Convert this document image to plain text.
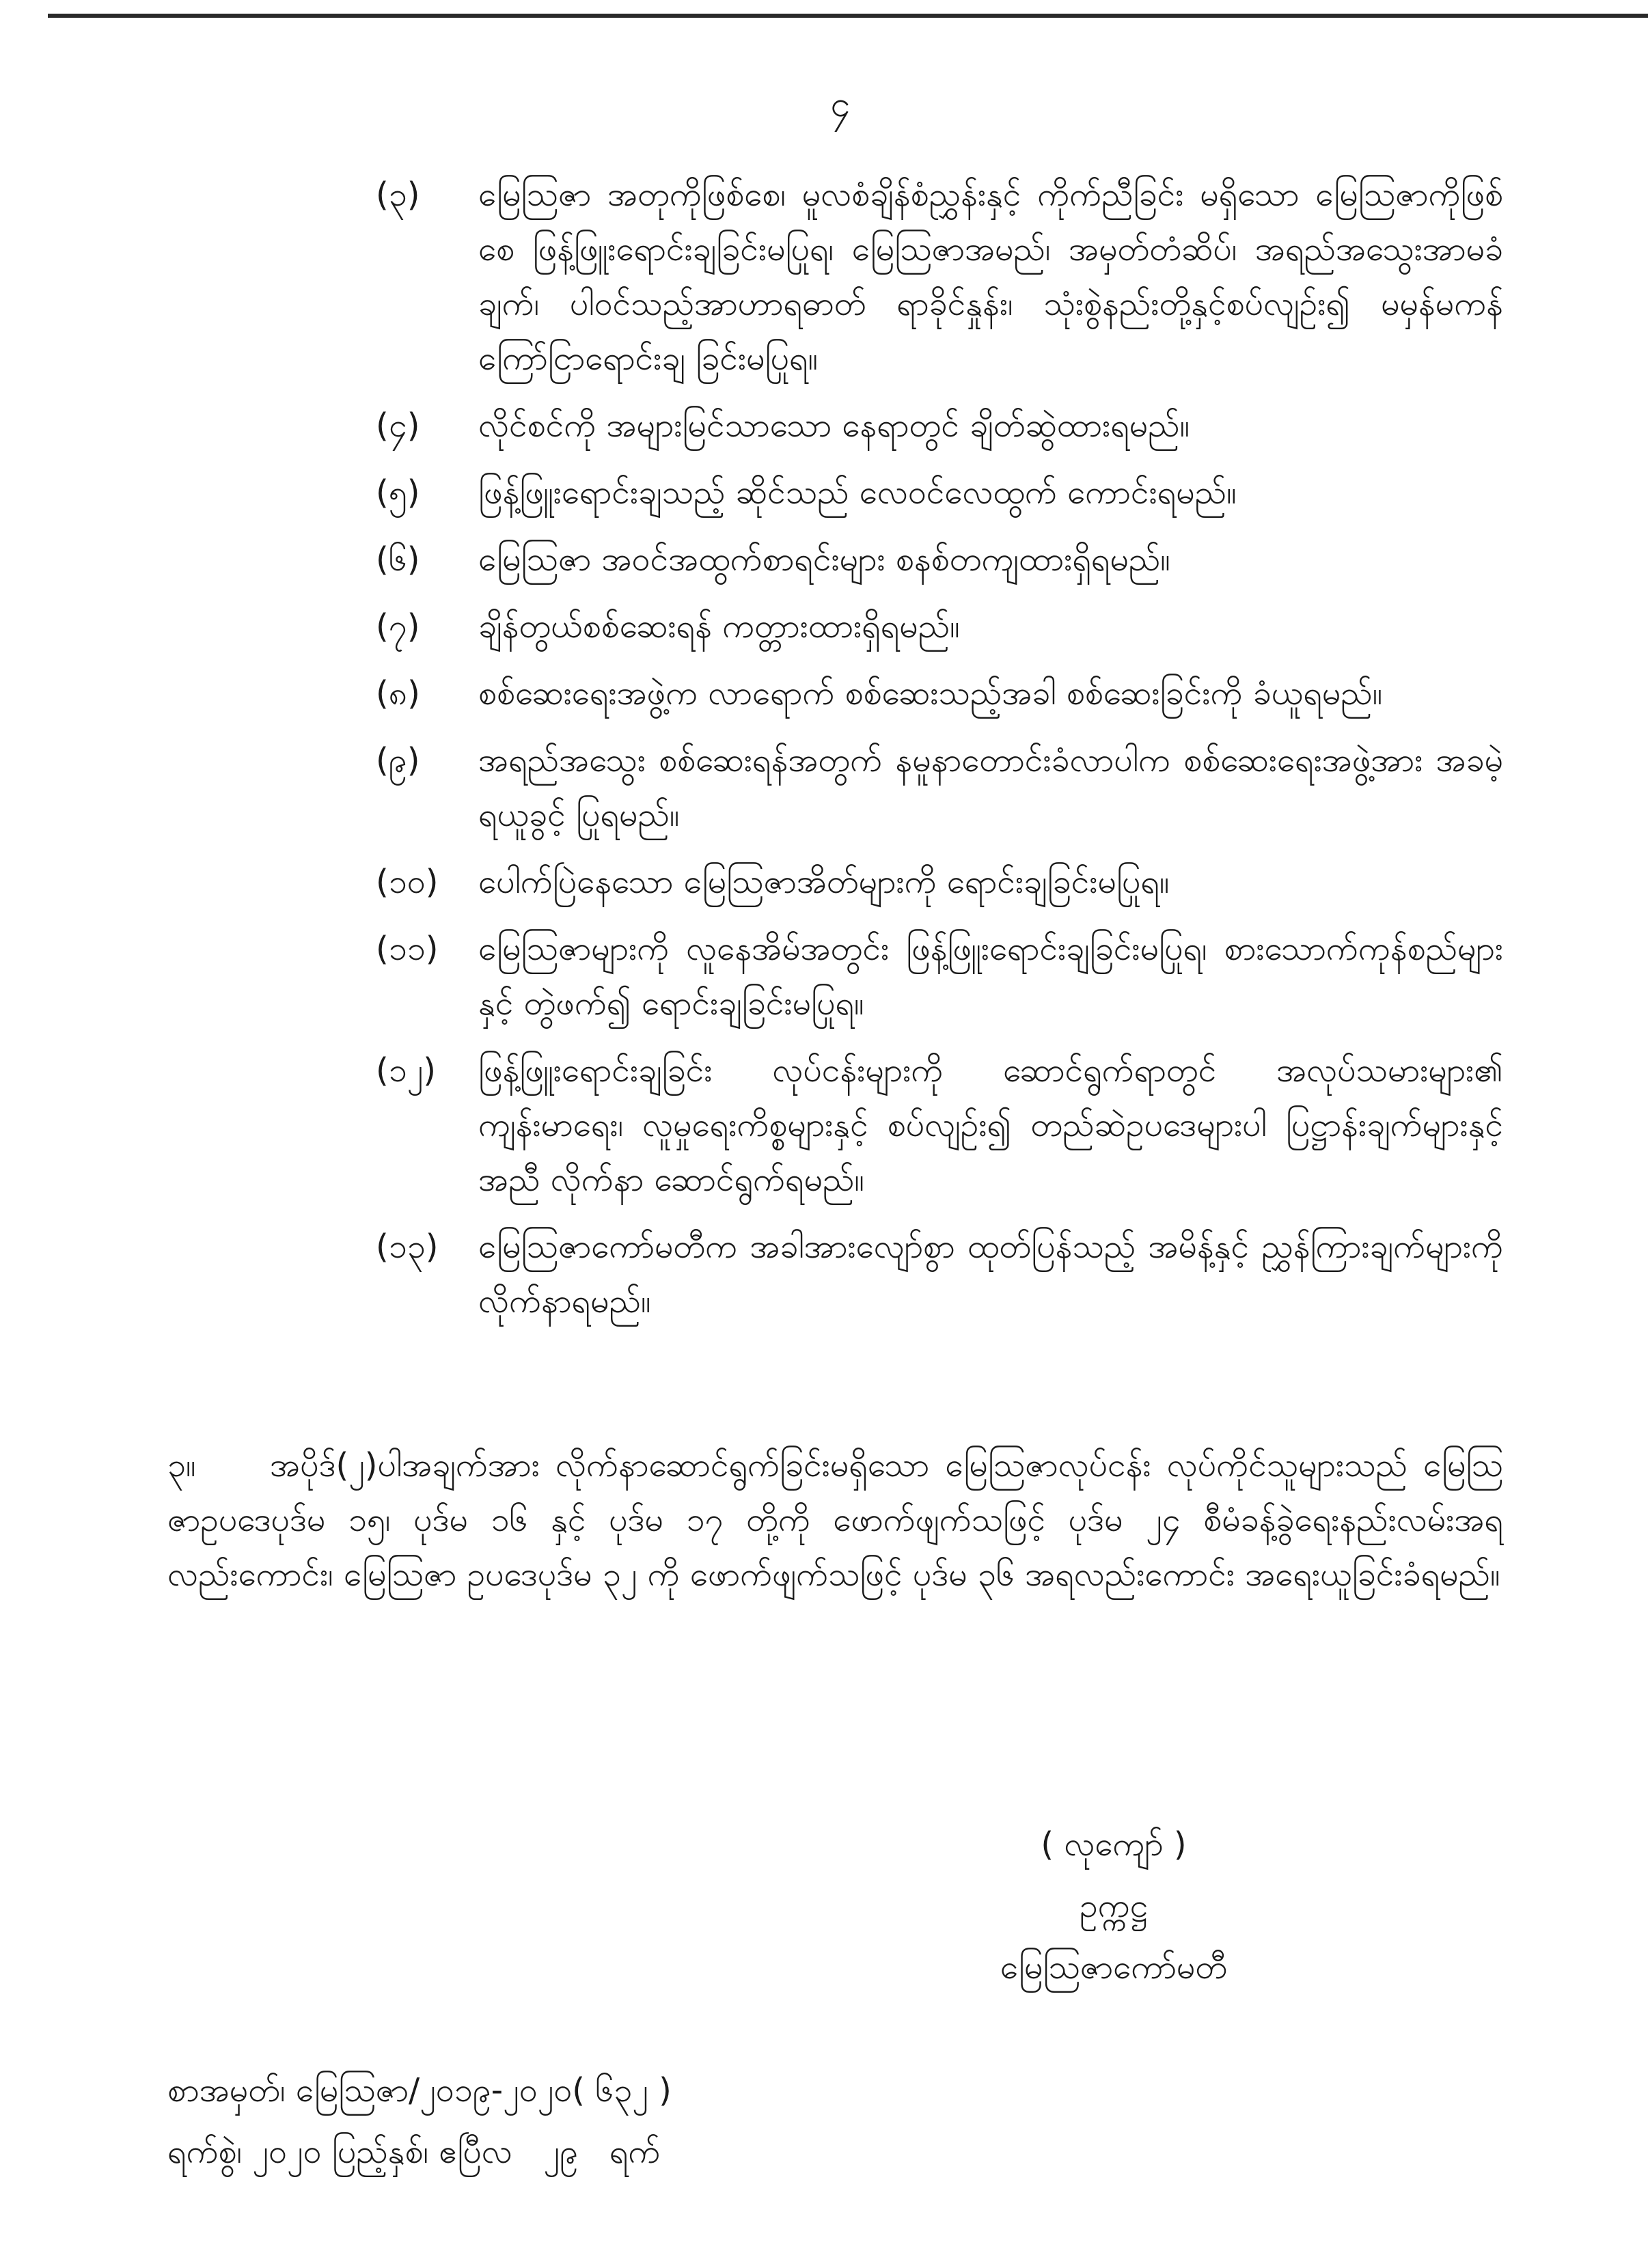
၄
(၃)	မြေသြဇာ အတုကိုဖြစ်စေ၊ မူလစံချိန်စံညွှန်းနှင့် ကိုက်ညီခြင်း မရှိသော မြေသြဇာကိုဖြစ်စေ ဖြန့်ဖြူးရောင်းချခြင်းမပြုရ၊ မြေသြဇာအမည်၊ အမှတ်တံဆိပ်၊ အရည်အသွေးအာမခံချက်၊ ပါဝင်သည့်အာဟာရဓာတ် ရာခိုင်နှုန်း၊ သုံးစွဲနည်းတို့နှင့်စပ်လျဉ်း၍ မမှန်မကန် ကြော်ငြာရောင်းချ ခြင်းမပြုရ။
(၄)	လိုင်စင်ကို အများမြင်သာသော နေရာတွင် ချိတ်ဆွဲထားရမည်။
(၅)	ဖြန့်ဖြူးရောင်းချသည့် ဆိုင်သည် လေဝင်လေထွက် ကောင်းရမည်။
(၆)	မြေသြဇာ အဝင်အထွက်စာရင်းများ စနစ်တကျထားရှိရမည်။
(၇)	ချိန်တွယ်စစ်ဆေးရန် ကတ္တားထားရှိရမည်။
(၈)	စစ်ဆေးရေးအဖွဲ့က လာရောက် စစ်ဆေးသည့်အခါ စစ်ဆေးခြင်းကို ခံယူရမည်။
(၉)	အရည်အသွေး စစ်ဆေးရန်အတွက် နမူနာတောင်းခံလာပါက စစ်ဆေးရေးအဖွဲ့အား အခမဲ့ရယူခွင့် ပြုရမည်။
(၁၀)	ပေါက်ပြဲနေသော မြေသြဇာအိတ်များကို ရောင်းချခြင်းမပြုရ။
(၁၁)	မြေသြဇာများကို လူနေအိမ်အတွင်း ဖြန့်ဖြူးရောင်းချခြင်းမပြုရ၊ စားသောက်ကုန်စည်များနှင့် တွဲဖက်၍ ရောင်းချခြင်းမပြုရ။
(၁၂)	ဖြန့်ဖြူးရောင်းချခြင်း လုပ်ငန်းများကို ဆောင်ရွက်ရာတွင် အလုပ်သမားများ၏ ကျန်းမာရေး၊ လူမှုရေးကိစ္စများနှင့် စပ်လျဉ်း၍ တည်ဆဲဥပဒေများပါ ပြဋ္ဌာန်းချက်များနှင့်အညီ လိုက်နာ ဆောင်ရွက်ရမည်။
(၁၃)	မြေသြဇာကော်မတီက အခါအားလျော်စွာ ထုတ်ပြန်သည့် အမိန့်နှင့် ညွှန်ကြားချက်များကို လိုက်နာရမည်။
၃။ အပိုဒ်(၂)ပါအချက်အား လိုက်နာဆောင်ရွက်ခြင်းမရှိသော မြေသြဇာလုပ်ငန်း လုပ်ကိုင်သူများသည် မြေသြဇာဥပဒေပုဒ်မ ၁၅၊ ပုဒ်မ ၁၆ နှင့် ပုဒ်မ ၁၇ တို့ကို ဖောက်ဖျက်သဖြင့် ပုဒ်မ ၂၄ စီမံခန့်ခွဲရေးနည်းလမ်းအရလည်းကောင်း၊ မြေသြဇာ ဥပဒေပုဒ်မ ၃၂ ကို ဖောက်ဖျက်သဖြင့် ပုဒ်မ ၃၆ အရလည်းကောင်း အရေးယူခြင်းခံရမည်။
( လုကျော် )
ဥက္ကဋ္ဌ
မြေသြဇာကော်မတီ
စာအမှတ်၊ မြေသြဇာ/၂၀၁၉-၂၀၂၀( ၆၃၂ )
ရက်စွဲ၊ ၂၀၂၀ ပြည့်နှစ်၊ ဧပြီလ   ၂၉   ရက်
